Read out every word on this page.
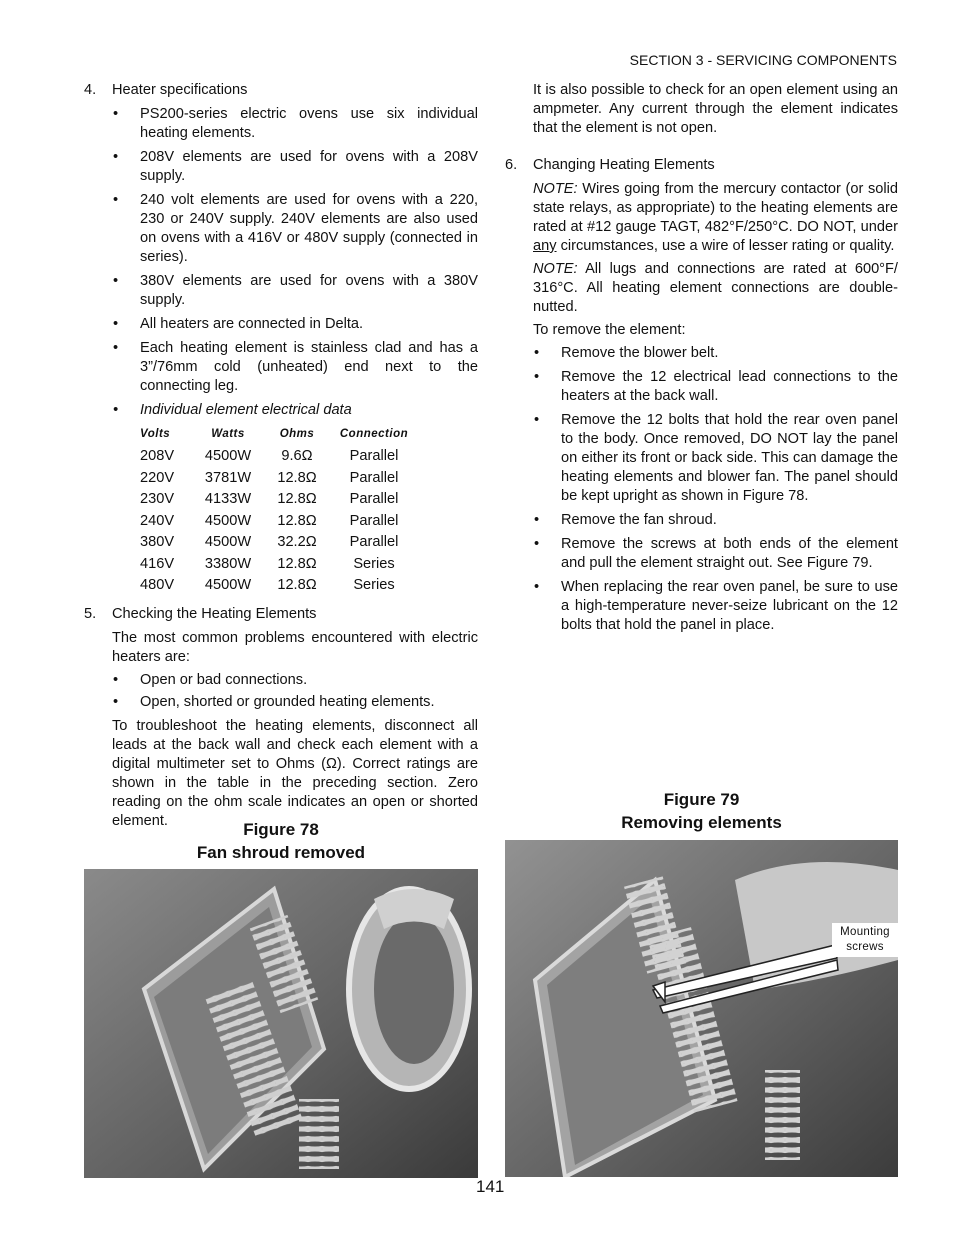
SECTION 3 - SERVICING COMPONENTS
4.	Heater specifications
• PS200-series electric ovens use six individual heating elements.
• 208V elements are used for ovens with a 208V supply.
• 240 volt elements are used for ovens with a 220, 230 or 240V supply. 240V elements are also used on ovens with a 416V or 480V supply (connected in series).
• 380V elements are used for ovens with a 380V supply.
• All heaters are connected in Delta.
• Each heating element is stainless clad and has a 3”/76mm cold (unheated) end next to the connecting leg.
• Individual element electrical data
Volts	Watts	Ohms	Connection
208V	4500W	9.6Ω	Parallel
220V	3781W	12.8Ω	Parallel
230V	4133W	12.8Ω	Parallel
240V	4500W	12.8Ω	Parallel
380V	4500W	32.2Ω	Parallel
416V	3380W	12.8Ω	Series
480V	4500W	12.8Ω	Series
5.	Checking the Heating Elements

The most common problems encountered with electric heaters are:

• Open or bad connections.
• Open, shorted or grounded heating elements.

To troubleshoot the heating elements, disconnect all leads at the back wall and check each element with a digital multimeter set to Ohms (Ω). Correct ratings are shown in the table in the preceding section. Zero reading on the ohm scale indicates an open or shorted element.

It is also possible to check for an open element using an ampmeter. Any current through the element indicates that the element is not open.

6.	Changing Heating Elements

NOTE: Wires going from the mercury contactor (or solid state relays, as appropriate) to the heating elements are rated at #12 gauge TAGT, 482°F/250°C. DO NOT, under any circumstances, use a wire of lesser rating or quality.

NOTE: All lugs and connections are rated at 600°F/ 316°C. All heating element connections are double-nutted.

To remove the element:

• Remove the blower belt.
• Remove the 12 electrical lead connections to the heaters at the back wall.
• Remove the 12 bolts that hold the rear oven panel to the body. Once removed, DO NOT lay the panel on either its front or back side. This can damage the heating elements and blower fan. The panel should be kept upright as shown in Figure 78.
• Remove the fan shroud.
• Remove the screws at both ends of the element and pull the element straight out. See Figure 79.
• When replacing the rear oven panel, be sure to use a high-temperature never-seize lubricant on the 12 bolts that hold the panel in place.
Figure 78
Fan shroud removed
Figure 79
Removing elements
Mounting
screws
141
